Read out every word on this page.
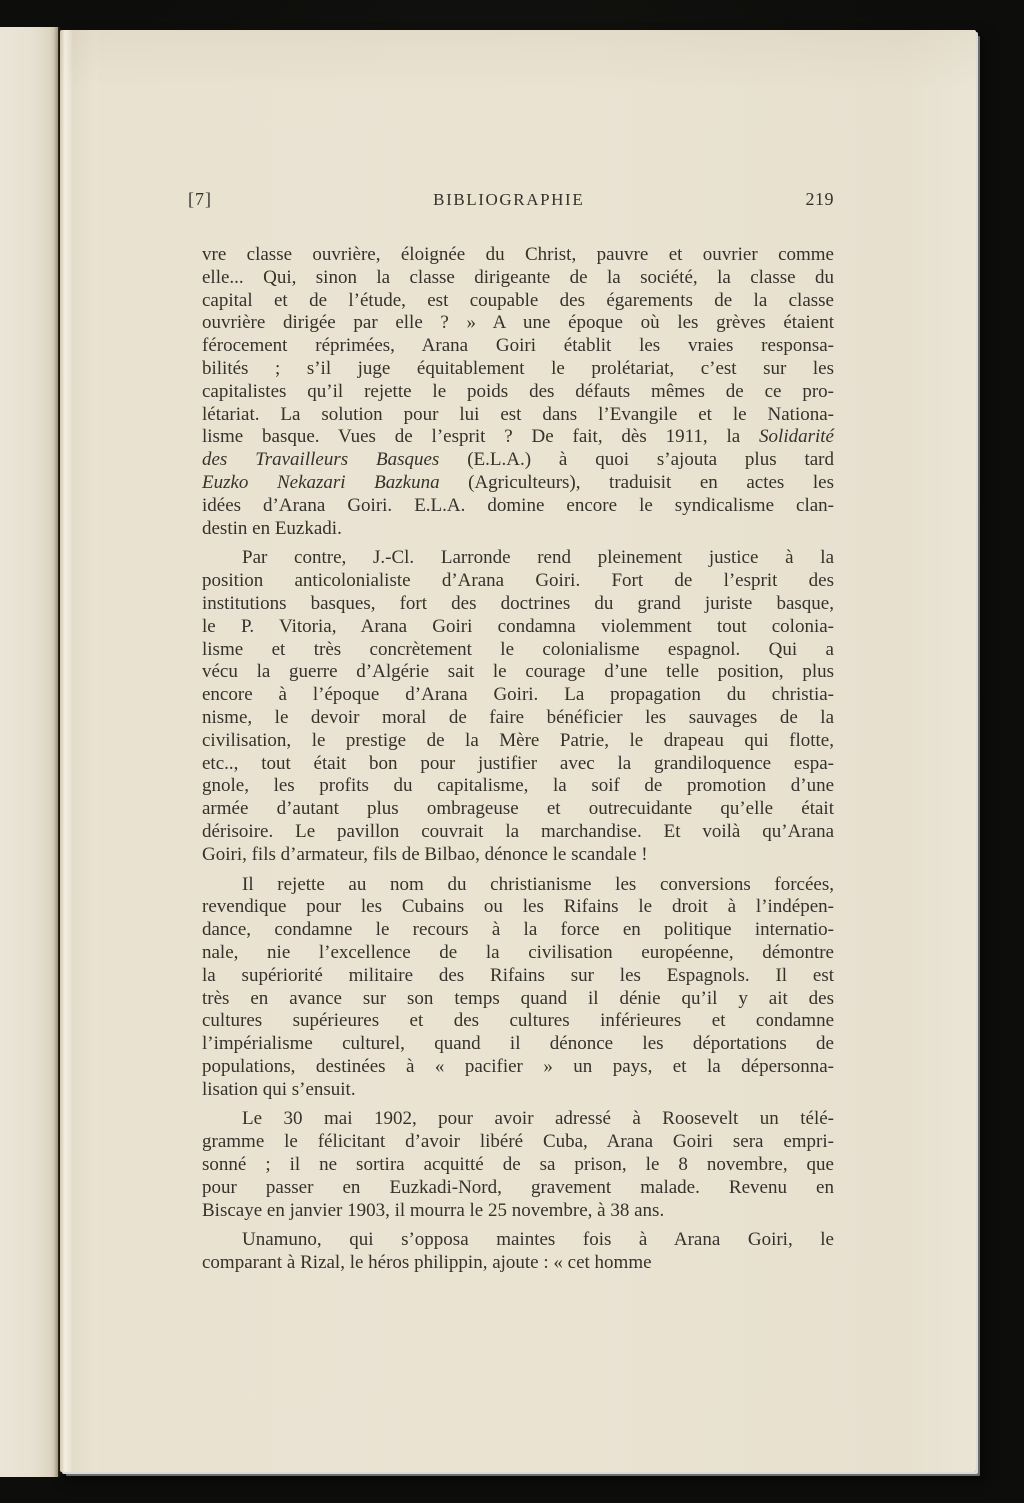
[7]	BIBLIOGRAPHIE	219
vre classe ouvrière, éloignée du Christ, pauvre et ouvrier comme
elle... Qui, sinon la classe dirigeante de la société, la classe du
capital et de l’étude, est coupable des égarements de la classe
ouvrière dirigée par elle ? » A une époque où les grèves étaient
férocement réprimées, Arana Goiri établit les vraies responsa-
bilités ; s’il juge équitablement le prolétariat, c’est sur les
capitalistes qu’il rejette le poids des défauts mêmes de ce pro-
létariat. La solution pour lui est dans l’Evangile et le Nationa-
lisme basque. Vues de l’esprit ? De fait, dès 1911, la Solidarité
des Travailleurs Basques (E.L.A.) à quoi s’ajouta plus tard
Euzko Nekazari Bazkuna (Agriculteurs), traduisit en actes les
idées d’Arana Goiri. E.L.A. domine encore le syndicalisme clan-
destin en Euzkadi.
Par contre, J.-Cl. Larronde rend pleinement justice à la
position anticolonialiste d’Arana Goiri. Fort de l’esprit des
institutions basques, fort des doctrines du grand juriste basque,
le P. Vitoria, Arana Goiri condamna violemment tout colonia-
lisme et très concrètement le colonialisme espagnol. Qui a
vécu la guerre d’Algérie sait le courage d’une telle position, plus
encore à l’époque d’Arana Goiri. La propagation du christia-
nisme, le devoir moral de faire bénéficier les sauvages de la
civilisation, le prestige de la Mère Patrie, le drapeau qui flotte,
etc.., tout était bon pour justifier avec la grandiloquence espa-
gnole, les profits du capitalisme, la soif de promotion d’une
armée d’autant plus ombrageuse et outrecuidante qu’elle était
dérisoire. Le pavillon couvrait la marchandise. Et voilà qu’Arana
Goiri, fils d’armateur, fils de Bilbao, dénonce le scandale !
Il rejette au nom du christianisme les conversions forcées,
revendique pour les Cubains ou les Rifains le droit à l’indépen-
dance, condamne le recours à la force en politique internatio-
nale, nie l’excellence de la civilisation européenne, démontre
la supériorité militaire des Rifains sur les Espagnols. Il est
très en avance sur son temps quand il dénie qu’il y ait des
cultures supérieures et des cultures inférieures et condamne
l’impérialisme culturel, quand il dénonce les déportations de
populations, destinées à « pacifier » un pays, et la dépersonna-
lisation qui s’ensuit.
Le 30 mai 1902, pour avoir adressé à Roosevelt un télé-
gramme le félicitant d’avoir libéré Cuba, Arana Goiri sera empri-
sonné ; il ne sortira acquitté de sa prison, le 8 novembre, que
pour passer en Euzkadi-Nord, gravement malade. Revenu en
Biscaye en janvier 1903, il mourra le 25 novembre, à 38 ans.
Unamuno, qui s’opposa maintes fois à Arana Goiri, le
comparant à Rizal, le héros philippin, ajoute : « cet homme
